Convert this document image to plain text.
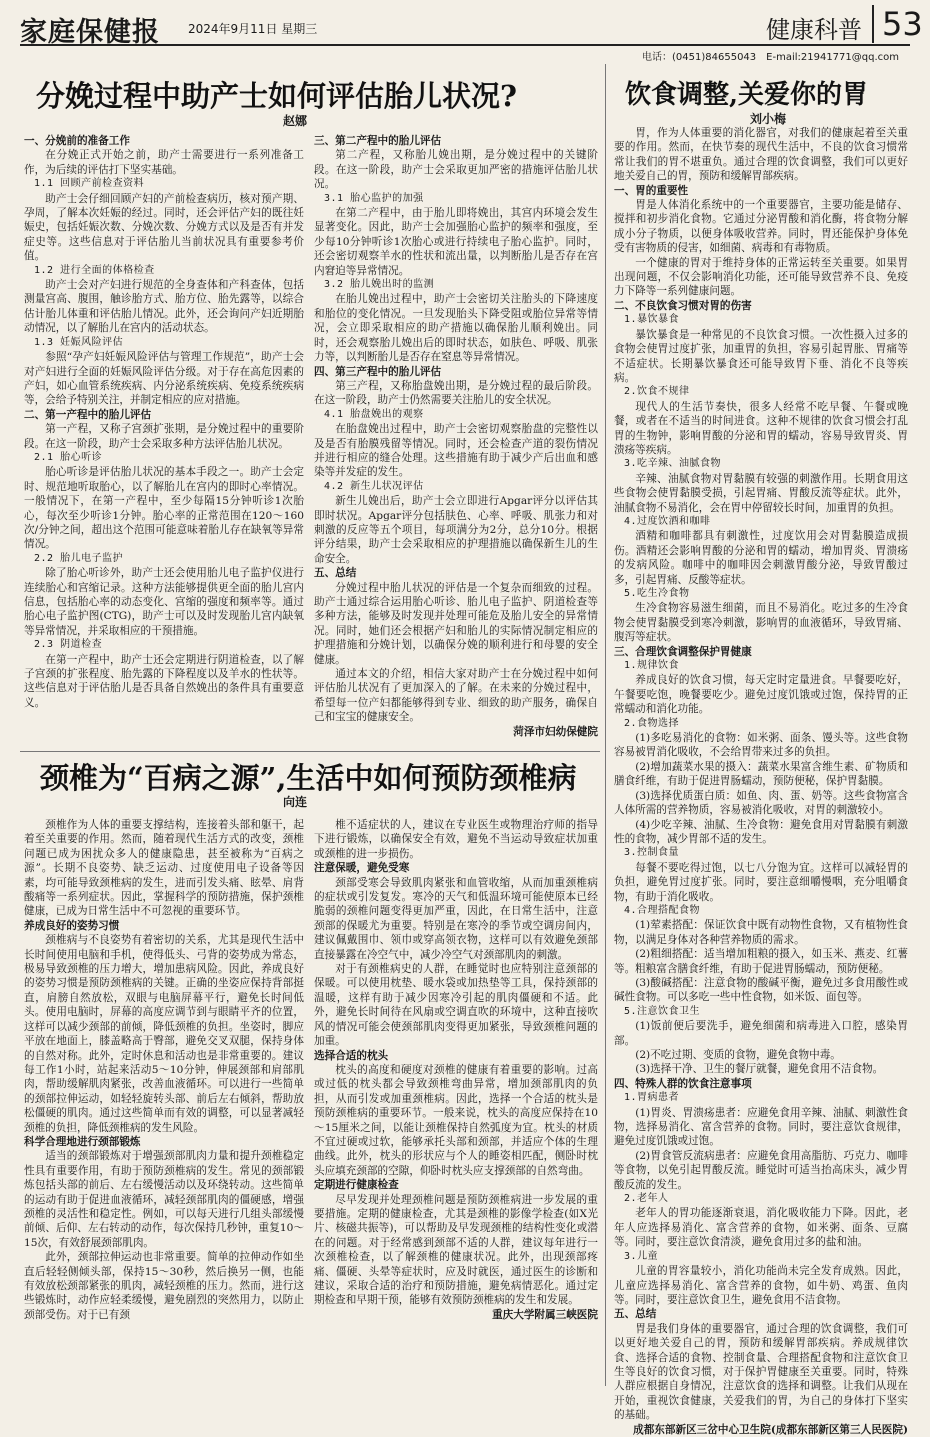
家庭保健报 2024年9月11日 星期三	健康科普 53
电话：(0451)84655043　E-mail:21941771@qq.com
分娩过程中助产士如何评估胎儿状况?
赵娜

一、分娩前的准备工作

在分娩正式开始之前，助产士需要进行一系列准备工作，为后续的评估打下坚实基础。

1.1 回顾产前检查资料

助产士会仔细回顾产妇的产前检查病历，核对预产期、孕周，了解本次妊娠的经过。同时，还会评估产妇的既往妊娠史，包括妊娠次数、分娩次数、分娩方式以及是否有并发症史等。这些信息对于评估胎儿当前状况具有重要参考价值。

1.2 进行全面的体格检查

助产士会对产妇进行规范的全身查体和产科查体，包括测量宫高、腹围，触诊胎方式、胎方位、胎先露等，以综合估计胎儿体重和评估胎儿情况。此外，还会询问产妇近期胎动情况，以了解胎儿在宫内的活动状态。

1.3 妊娠风险评估

参照“孕产妇妊娠风险评估与管理工作规范”，助产士会对产妇进行全面的妊娠风险评估分级。对于存在高危因素的产妇，如心血管系统疾病、内分泌系统疾病、免疫系统疾病等，会给予特别关注，并制定相应的应对措施。

二、第一产程中的胎儿评估

第一产程，又称子宫颈扩张期，是分娩过程中的重要阶段。在这一阶段，助产士会采取多种方法评估胎儿状况。

2.1 胎心听诊

胎心听诊是评估胎儿状况的基本手段之一。助产士会定时、规范地听取胎心，以了解胎儿在宫内的即时心率情况。一般情况下，在第一产程中，至少每隔15分钟听诊1次胎心，每次至少听诊1分钟。胎心率的正常范围在120～160次/分钟之间，超出这个范围可能意味着胎儿存在缺氧等异常情况。

2.2 胎儿电子监护

除了胎心听诊外，助产士还会使用胎儿电子监护仪进行连续胎心和宫缩记录。这种方法能够提供更全面的胎儿宫内信息，包括胎心率的动态变化、宫缩的强度和频率等。通过胎心电子监护图(CTG)，助产士可以及时发现胎儿宫内缺氧等异常情况，并采取相应的干预措施。

2.3 阴道检查

在第一产程中，助产士还会定期进行阴道检查，以了解子宫颈的扩张程度、胎先露的下降程度以及羊水的性状等。这些信息对于评估胎儿是否具备自然娩出的条件具有重要意义。

三、第二产程中的胎儿评估

第二产程，又称胎儿娩出期，是分娩过程中的关键阶段。在这一阶段，助产士会采取更加严密的措施评估胎儿状况。

3.1 胎心监护的加强

在第二产程中，由于胎儿即将娩出，其宫内环境会发生显著变化。因此，助产士会加强胎心监护的频率和强度，至少每10分钟听诊1次胎心或进行持续电子胎心监护。同时，还会密切观察羊水的性状和流出量，以判断胎儿是否存在宫内窘迫等异常情况。

3.2 胎儿娩出时的监测

在胎儿娩出过程中，助产士会密切关注胎头的下降速度和胎位的变化情况。一旦发现胎头下降受阻或胎位异常等情况，会立即采取相应的助产措施以确保胎儿顺利娩出。同时，还会观察胎儿娩出后的即时状态，如肤色、呼吸、肌张力等，以判断胎儿是否存在窒息等异常情况。

四、第三产程中的胎儿评估

第三产程，又称胎盘娩出期，是分娩过程的最后阶段。在这一阶段，助产士仍然需要关注胎儿的安全状况。

4.1 胎盘娩出的观察

在胎盘娩出过程中，助产士会密切观察胎盘的完整性以及是否有胎膜残留等情况。同时，还会检查产道的裂伤情况并进行相应的缝合处理。这些措施有助于减少产后出血和感染等并发症的发生。

4.2 新生儿状况评估

新生儿娩出后，助产士会立即进行Apgar评分以评估其即时状况。Apgar评分包括肤色、心率、呼吸、肌张力和对刺激的反应等五个项目，每项满分为2分，总分10分。根据评分结果，助产士会采取相应的护理措施以确保新生儿的生命安全。

五、总结

分娩过程中胎儿状况的评估是一个复杂而细致的过程。助产士通过综合运用胎心听诊、胎儿电子监护、阴道检查等多种方法，能够及时发现并处理可能危及胎儿安全的异常情况。同时，她们还会根据产妇和胎儿的实际情况制定相应的护理措施和分娩计划，以确保分娩的顺利进行和母婴的安全健康。

通过本文的介绍，相信大家对助产士在分娩过程中如何评估胎儿状况有了更加深入的了解。在未来的分娩过程中，希望每一位产妇都能够得到专业、细致的助产服务，确保自己和宝宝的健康安全。

菏泽市妇幼保健院

颈椎为“百病之源”,生活中如何预防颈椎病
向连

颈椎作为人体的重要支撑结构，连接着头部和躯干，起着至关重要的作用。然而，随着现代生活方式的改变，颈椎问题已成为困扰众多人的健康隐患，甚至被称为“百病之源”。长期不良姿势、缺乏运动、过度使用电子设备等因素，均可能导致颈椎病的发生，进而引发头痛、眩晕、肩背酸痛等一系列症状。因此，掌握科学的预防措施，保护颈椎健康，已成为日常生活中不可忽视的重要环节。

养成良好的姿势习惯

颈椎病与不良姿势有着密切的关系，尤其是现代生活中长时间使用电脑和手机，使得低头、弓背的姿势成为常态，极易导致颈椎的压力增大，增加患病风险。因此，养成良好的姿势习惯是预防颈椎病的关键。正确的坐姿应保持背部挺直，肩膀自然放松，双眼与电脑屏幕平行，避免长时间低头。使用电脑时，屏幕的高度应调节到与眼睛平齐的位置，这样可以减少颈部的前倾，降低颈椎的负担。坐姿时，脚应平放在地面上，膝盖略高于臀部，避免交叉双腿，保持身体的自然对称。此外，定时休息和活动也是非常重要的。建议每工作1小时，站起来活动5～10分钟，伸展颈部和肩部肌肉，帮助缓解肌肉紧张，改善血液循环。可以进行一些简单的颈部拉伸运动，如轻轻旋转头部、前后左右倾斜，帮助放松僵硬的肌肉。通过这些简单而有效的调整，可以显著减轻颈椎的负担，降低颈椎病的发生风险。

科学合理地进行颈部锻炼

适当的颈部锻炼对于增强颈部肌肉力量和提升颈椎稳定性具有重要作用，有助于预防颈椎病的发生。常见的颈部锻炼包括头部的前后、左右缓慢活动以及环绕转动。这些简单的运动有助于促进血液循环，减轻颈部肌肉的僵硬感，增强颈椎的灵活性和稳定性。例如，可以每天进行几组头部缓慢前倾、后仰、左右转动的动作，每次保持几秒钟，重复10～15次，有效舒展颈部肌肉。

此外，颈部拉伸运动也非常重要。简单的拉伸动作如坐直后轻轻侧倾头部，保持15～30秒，然后换另一侧，也能有效放松颈部紧张的肌肉，减轻颈椎的压力。然而，进行这些锻炼时，动作应轻柔缓慢，避免剧烈的突然用力，以防止颈部受伤。对于已有颈

椎不适症状的人，建议在专业医生或物理治疗师的指导下进行锻炼，以确保安全有效，避免不当运动导致症状加重或颈椎的进一步损伤。

注意保暖，避免受寒

颈部受寒会导致肌肉紧张和血管收缩，从而加重颈椎病的症状或引发复发。寒冷的天气和低温环境可能使原本已经脆弱的颈椎问题变得更加严重，因此，在日常生活中，注意颈部的保暖尤为重要。特别是在寒冷的季节或空调房间内，建议佩戴围巾、领巾或穿高领衣物，这样可以有效避免颈部直接暴露在冷空气中，减少冷空气对颈部肌肉的刺激。

对于有颈椎病史的人群，在睡觉时也应特别注意颈部的保暖。可以使用枕垫、暖水袋或加热垫等工具，保持颈部的温暖，这样有助于减少因寒冷引起的肌肉僵硬和不适。此外，避免长时间待在风扇或空调直吹的环境中，这种直接吹风的情况可能会使颈部肌肉变得更加紧张，导致颈椎问题的加重。

选择合适的枕头

枕头的高度和硬度对颈椎的健康有着重要的影响。过高或过低的枕头都会导致颈椎弯曲异常，增加颈部肌肉的负担，从而引发或加重颈椎病。因此，选择一个合适的枕头是预防颈椎病的重要环节。一般来说，枕头的高度应保持在10～15厘米之间，以能让颈椎保持自然弧度为宜。枕头的材质不宜过硬或过软，能够承托头部和颈部，并适应个体的生理曲线。此外，枕头的形状应与个人的睡姿相匹配，侧卧时枕头应填充颈部的空隙，仰卧时枕头应支撑颈部的自然弯曲。

定期进行健康检查

尽早发现并处理颈椎问题是预防颈椎病进一步发展的重要措施。定期的健康检查，尤其是颈椎的影像学检查(如X光片、核磁共振等)，可以帮助及早发现颈椎的结构性变化或潜在的问题。对于经常感到颈部不适的人群，建议每年进行一次颈椎检查，以了解颈椎的健康状况。此外，出现颈部疼痛、僵硬、头晕等症状时，应及时就医，通过医生的诊断和建议，采取合适的治疗和预防措施，避免病情恶化。通过定期检查和早期干预，能够有效预防颈椎病的发生和发展。

重庆大学附属三峡医院

饮食调整,关爱你的胃
刘小梅

胃，作为人体重要的消化器官，对我们的健康起着至关重要的作用。然而，在快节奏的现代生活中，不良的饮食习惯常常让我们的胃不堪重负。通过合理的饮食调整，我们可以更好地关爱自己的胃，预防和缓解胃部疾病。

一、胃的重要性

胃是人体消化系统中的一个重要器官，主要功能是储存、搅拌和初步消化食物。它通过分泌胃酸和消化酶，将食物分解成小分子物质，以便身体吸收营养。同时，胃还能保护身体免受有害物质的侵害，如细菌、病毒和有毒物质。

一个健康的胃对于维持身体的正常运转至关重要。如果胃出现问题，不仅会影响消化功能，还可能导致营养不良、免疫力下降等一系列健康问题。

二、不良饮食习惯对胃的伤害

1.暴饮暴食

暴饮暴食是一种常见的不良饮食习惯。一次性摄入过多的食物会使胃过度扩张，加重胃的负担，容易引起胃胀、胃痛等不适症状。长期暴饮暴食还可能导致胃下垂、消化不良等疾病。

2.饮食不规律

现代人的生活节奏快，很多人经常不吃早餐、午餐或晚餐，或者在不适当的时间进食。这种不规律的饮食习惯会打乱胃的生物钟，影响胃酸的分泌和胃的蠕动，容易导致胃炎、胃溃疡等疾病。

3.吃辛辣、油腻食物

辛辣、油腻食物对胃黏膜有较强的刺激作用。长期食用这些食物会使胃黏膜受损，引起胃痛、胃酸反流等症状。此外，油腻食物不易消化，会在胃中停留较长时间，加重胃的负担。

4.过度饮酒和咖啡

酒精和咖啡都具有刺激性，过度饮用会对胃黏膜造成损伤。酒精还会影响胃酸的分泌和胃的蠕动，增加胃炎、胃溃疡的发病风险。咖啡中的咖啡因会刺激胃酸分泌，导致胃酸过多，引起胃痛、反酸等症状。

5.吃生冷食物

生冷食物容易滋生细菌，而且不易消化。吃过多的生冷食物会使胃黏膜受到寒冷刺激，影响胃的血液循环，导致胃痛、腹泻等症状。

三、合理饮食调整保护胃健康

1.规律饮食

养成良好的饮食习惯，每天定时定量进食。早餐要吃好，午餐要吃饱，晚餐要吃少。避免过度饥饿或过饱，保持胃的正常蠕动和消化功能。

2.食物选择

(1)多吃易消化的食物：如米粥、面条、馒头等。这些食物容易被胃消化吸收，不会给胃带来过多的负担。

(2)增加蔬菜水果的摄入：蔬菜水果富含维生素、矿物质和膳食纤维，有助于促进胃肠蠕动，预防便秘，保护胃黏膜。

(3)选择优质蛋白质：如鱼、肉、蛋、奶等。这些食物富含人体所需的营养物质，容易被消化吸收，对胃的刺激较小。

(4)少吃辛辣、油腻、生冷食物：避免食用对胃黏膜有刺激性的食物，减少胃部不适的发生。

3.控制食量

每餐不要吃得过饱，以七八分饱为宜。这样可以减轻胃的负担，避免胃过度扩张。同时，要注意细嚼慢咽，充分咀嚼食物，有助于消化吸收。

4.合理搭配食物

(1)荤素搭配：保证饮食中既有动物性食物，又有植物性食物，以满足身体对各种营养物质的需求。

(2)粗细搭配：适当增加粗粮的摄入，如玉米、燕麦、红薯等。粗粮富含膳食纤维，有助于促进胃肠蠕动，预防便秘。

(3)酸碱搭配：注意食物的酸碱平衡，避免过多食用酸性或碱性食物。可以多吃一些中性食物，如米饭、面包等。

5.注意饮食卫生

(1)饭前便后要洗手，避免细菌和病毒进入口腔，感染胃部。

(2)不吃过期、变质的食物，避免食物中毒。

(3)选择干净、卫生的餐厅就餐，避免食用不洁食物。

四、特殊人群的饮食注意事项

1.胃病患者

(1)胃炎、胃溃疡患者：应避免食用辛辣、油腻、刺激性食物，选择易消化、富含营养的食物。同时，要注意饮食规律，避免过度饥饿或过饱。

(2)胃食管反流病患者：应避免食用高脂肪、巧克力、咖啡等食物，以免引起胃酸反流。睡觉时可适当抬高床头，减少胃酸反流的发生。

2.老年人

老年人的胃功能逐渐衰退，消化吸收能力下降。因此，老年人应选择易消化、富含营养的食物，如米粥、面条、豆腐等。同时，要注意饮食清淡，避免食用过多的盐和油。

3.儿童

儿童的胃容量较小，消化功能尚未完全发育成熟。因此，儿童应选择易消化、富含营养的食物，如牛奶、鸡蛋、鱼肉等。同时，要注意饮食卫生，避免食用不洁食物。

五、总结

胃是我们身体的重要器官，通过合理的饮食调整，我们可以更好地关爱自己的胃，预防和缓解胃部疾病。养成规律饮食、选择合适的食物、控制食量、合理搭配食物和注意饮食卫生等良好的饮食习惯，对于保护胃健康至关重要。同时，特殊人群应根据自身情况，注意饮食的选择和调整。让我们从现在开始，重视饮食健康，关爱我们的胃，为自己的身体打下坚实的基础。

成都东部新区三岔中心卫生院(成都东部新区第三人民医院)
